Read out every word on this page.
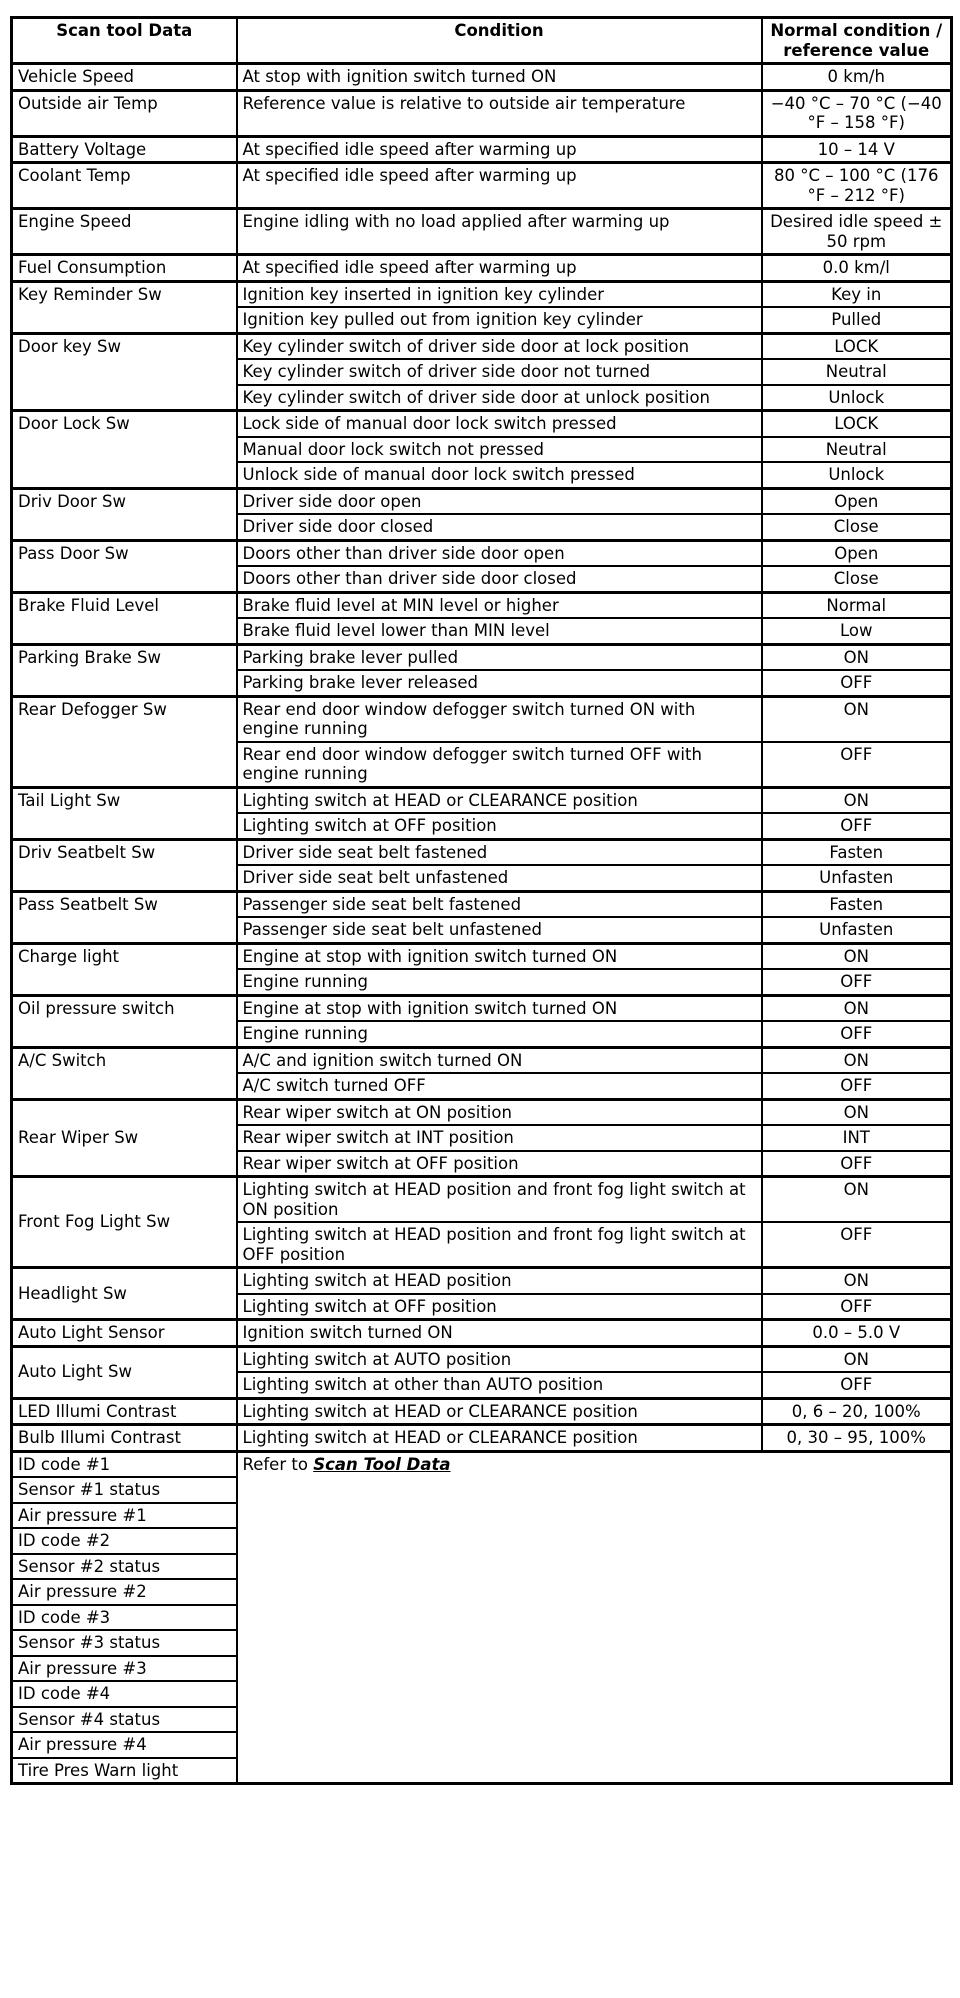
Scan tool Data	Condition	Normal condition / reference value
Vehicle Speed	At stop with ignition switch turned ON	0 km/h
Outside air Temp	Reference value is relative to outside air temperature	−40 °C – 70 °C (−40 °F – 158 °F)
Battery Voltage	At specified idle speed after warming up	10 – 14 V
Coolant Temp	At specified idle speed after warming up	80 °C – 100 °C (176 °F – 212 °F)
Engine Speed	Engine idling with no load applied after warming up	Desired idle speed ± 50 rpm
Fuel Consumption	At specified idle speed after warming up	0.0 km/l
Key Reminder Sw	Ignition key inserted in ignition key cylinder	Key in
	Ignition key pulled out from ignition key cylinder	Pulled
Door key Sw	Key cylinder switch of driver side door at lock position	LOCK
	Key cylinder switch of driver side door not turned	Neutral
	Key cylinder switch of driver side door at unlock position	Unlock
Door Lock Sw	Lock side of manual door lock switch pressed	LOCK
	Manual door lock switch not pressed	Neutral
	Unlock side of manual door lock switch pressed	Unlock
Driv Door Sw	Driver side door open	Open
	Driver side door closed	Close
Pass Door Sw	Doors other than driver side door open	Open
	Doors other than driver side door closed	Close
Brake Fluid Level	Brake fluid level at MIN level or higher	Normal
	Brake fluid level lower than MIN level	Low
Parking Brake Sw	Parking brake lever pulled	ON
	Parking brake lever released	OFF
Rear Defogger Sw	Rear end door window defogger switch turned ON with engine running	ON
	Rear end door window defogger switch turned OFF with engine running	OFF
Tail Light Sw	Lighting switch at HEAD or CLEARANCE position	ON
	Lighting switch at OFF position	OFF
Driv Seatbelt Sw	Driver side seat belt fastened	Fasten
	Driver side seat belt unfastened	Unfasten
Pass Seatbelt Sw	Passenger side seat belt fastened	Fasten
	Passenger side seat belt unfastened	Unfasten
Charge light	Engine at stop with ignition switch turned ON	ON
	Engine running	OFF
Oil pressure switch	Engine at stop with ignition switch turned ON	ON
	Engine running	OFF
A/C Switch	A/C and ignition switch turned ON	ON
	A/C switch turned OFF	OFF
Rear Wiper Sw	Rear wiper switch at ON position	ON
	Rear wiper switch at INT position	INT
	Rear wiper switch at OFF position	OFF
Front Fog Light Sw	Lighting switch at HEAD position and front fog light switch at ON position	ON
	Lighting switch at HEAD position and front fog light switch at OFF position	OFF
Headlight Sw	Lighting switch at HEAD position	ON
	Lighting switch at OFF position	OFF
Auto Light Sensor	Ignition switch turned ON	0.0 – 5.0 V
Auto Light Sw	Lighting switch at AUTO position	ON
	Lighting switch at other than AUTO position	OFF
LED Illumi Contrast	Lighting switch at HEAD or CLEARANCE position	0, 6 – 20, 100%
Bulb Illumi Contrast	Lighting switch at HEAD or CLEARANCE position	0, 30 – 95, 100%
ID code #1	Refer to Scan Tool Data	
Sensor #1 status		
Air pressure #1		
ID code #2		
Sensor #2 status		
Air pressure #2		
ID code #3		
Sensor #3 status		
Air pressure #3		
ID code #4		
Sensor #4 status		
Air pressure #4		
Tire Pres Warn light		
